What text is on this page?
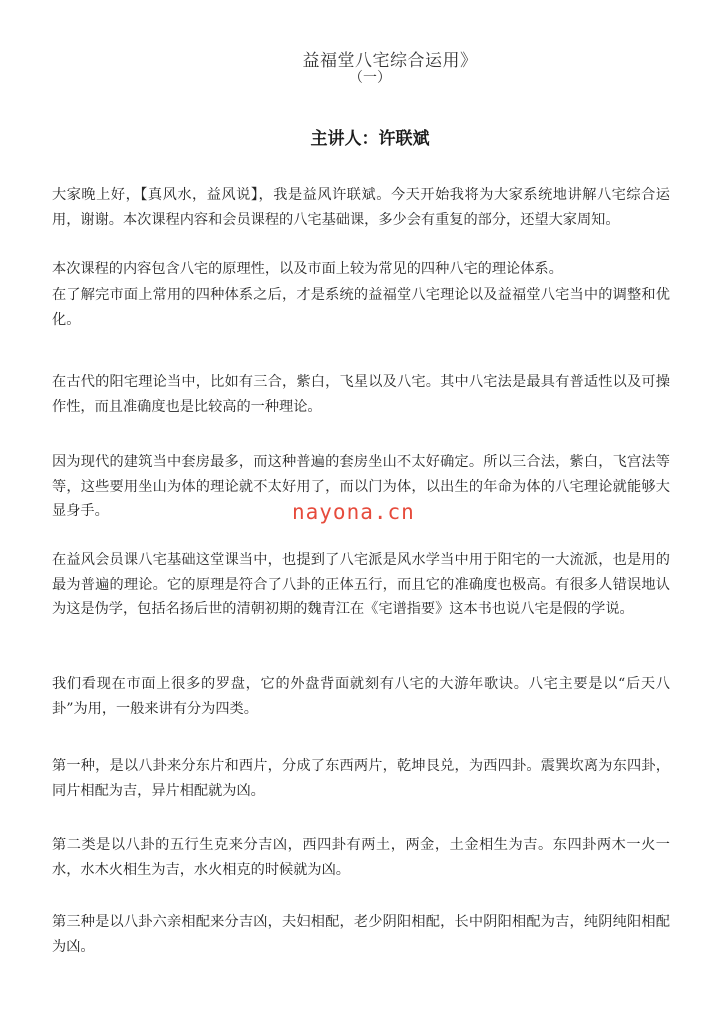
益福堂八宅综合运用》
（一）
主讲人：许联斌
大家晚上好，【真风水，益风说】，我是益风许联斌。今天开始我将为大家系统地讲解八宅综合运用，谢谢。本次课程内容和会员课程的八宅基础课，多少会有重复的部分，还望大家周知。
本次课程的内容包含八宅的原理性，以及市面上较为常见的四种八宅的理论体系。
在了解完市面上常用的四种体系之后，才是系统的益福堂八宅理论以及益福堂八宅当中的调整和优化。
在古代的阳宅理论当中，比如有三合，紫白，飞星以及八宅。其中八宅法是最具有普适性以及可操作性，而且准确度也是比较高的一种理论。
因为现代的建筑当中套房最多，而这种普遍的套房坐山不太好确定。所以三合法，紫白，飞宫法等等，这些要用坐山为体的理论就不太好用了，而以门为体，以出生的年命为体的八宅理论就能够大显身手。
在益风会员课八宅基础这堂课当中，也提到了八宅派是风水学当中用于阳宅的一大流派，也是用的最为普遍的理论。它的原理是符合了八卦的正体五行，而且它的准确度也极高。有很多人错误地认为这是伪学，包括名扬后世的清朝初期的魏青江在《宅谱指要》这本书也说八宅是假的学说。
我们看现在市面上很多的罗盘，它的外盘背面就刻有八宅的大游年歌诀。八宅主要是以“后天八卦”为用，一般来讲有分为四类。
第一种，是以八卦来分东片和西片，分成了东西两片，乾坤艮兑，为西四卦。震巽坎离为东四卦，同片相配为吉，异片相配就为凶。
第二类是以八卦的五行生克来分吉凶，西四卦有两土，两金，土金相生为吉。东四卦两木一火一水，水木火相生为吉，水火相克的时候就为凶。
第三种是以八卦六亲相配来分吉凶，夫妇相配，老少阴阳相配，长中阴阳相配为吉，纯阴纯阳相配为凶。
nayona.cn
